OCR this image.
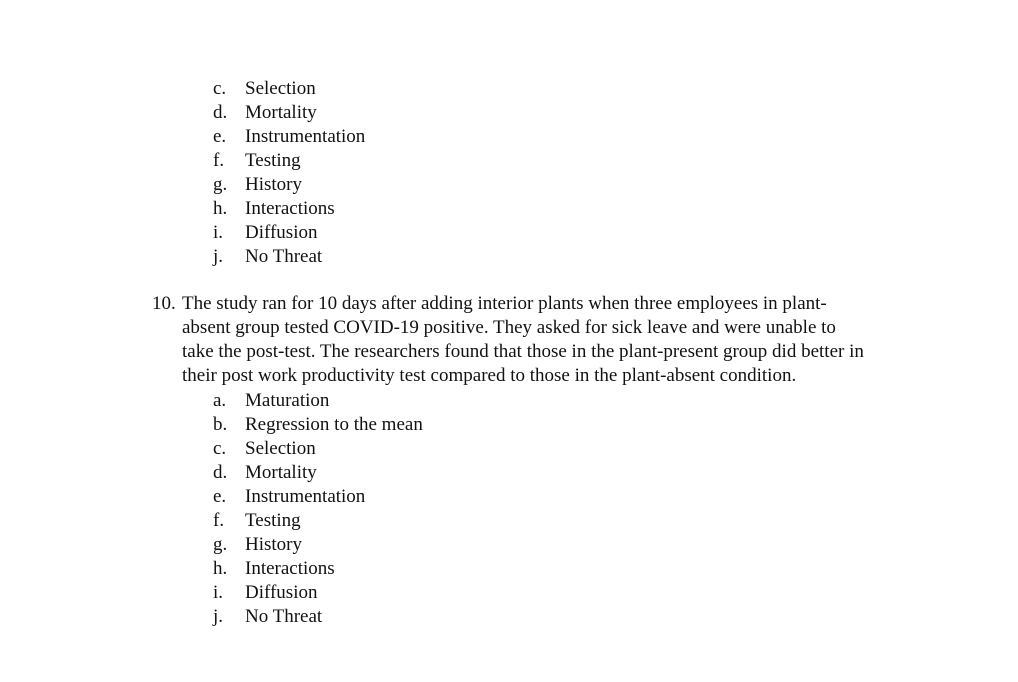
c. Selection
d. Mortality
e. Instrumentation
f.	Testing
g. History
h. Interactions
i.	Diffusion
j.	No Threat
10. The study ran for 10 days after adding interior plants when three employees in plant-
absent group tested COVID-19 positive. They asked for sick leave and were unable to
take the post-test. The researchers found that those in the plant-present group did better in
their post work productivity test compared to those in the plant-absent condition.
a. Maturation
b. Regression to the mean
c. Selection
d. Mortality
e. Instrumentation
f.	Testing
g. History
h. Interactions
i.	Diffusion
j.	No Threat
